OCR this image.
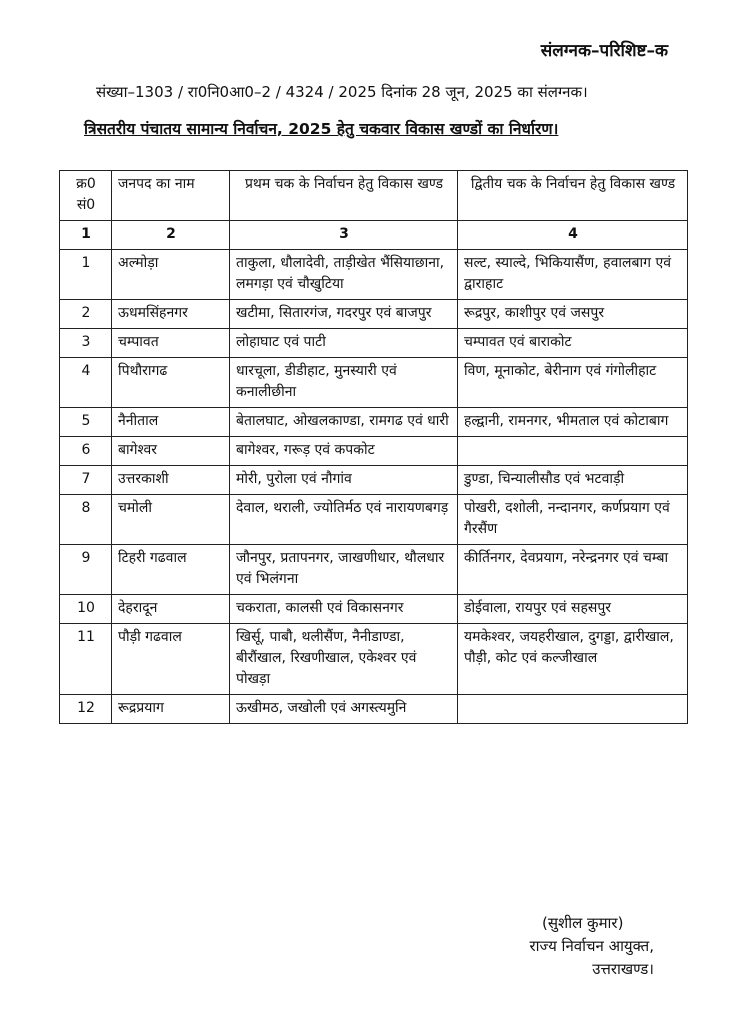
संलग्नक–परिशिष्ट–क
संख्या–1303 / रा0नि0आ0–2 / 4324 / 2025 दिनांक 28 जून, 2025 का संलग्नक।
त्रिसतरीय पंचातय सामान्य निर्वाचन, 2025 हेतु चकवार विकास खण्डों का निर्धारण।
क्र0 सं0	जनपद का नाम	प्रथम चक के निर्वाचन हेतु विकास खण्ड	द्वितीय चक के निर्वाचन हेतु विकास खण्ड
1	2	3	4
1	अल्मोड़ा	ताकुला, धौलादेवी, ताड़ीखेत भैंसियाछाना, लमगड़ा एवं चौखुटिया	सल्ट, स्याल्दे, भिकियासैंण, हवालबाग एवं द्वाराहाट
2	ऊधमसिंहनगर	खटीमा, सितारगंज, गदरपुर एवं बाजपुर	रूद्रपुर, काशीपुर एवं जसपुर
3	चम्पावत	लोहाघाट एवं पाटी	चम्पावत एवं बाराकोट
4	पिथौरागढ	धारचूला, डीडीहाट, मुनस्यारी एवं कनालीछीना	विण, मूनाकोट, बेरीनाग एवं गंगोलीहाट
5	नैनीताल	बेतालघाट, ओखलकाण्डा, रामगढ एवं धारी	हल्द्वानी, रामनगर, भीमताल एवं कोटाबाग
6	बागेश्वर	बागेश्वर, गरूड़ एवं कपकोट	
7	उत्तरकाशी	मोरी, पुरोला एवं नौगांव	डुण्डा, चिन्यालीसौड एवं भटवाड़ी
8	चमोली	देवाल, थराली, ज्योतिर्मठ एवं नारायणबगड़	पोखरी, दशोली, नन्दानगर, कर्णप्रयाग एवं गैरसैंण
9	टिहरी गढवाल	जौनपुर, प्रतापनगर, जाखणीधार, थौलधार एवं भिलंगना	कीर्तिनगर, देवप्रयाग, नरेन्द्रनगर एवं चम्बा
10	देहरादून	चकराता, कालसी एवं विकासनगर	डोईवाला, रायपुर एवं सहसपुर
11	पौड़ी गढवाल	खिर्सू, पाबौ, थलीसैंण, नैनीडाण्डा, बीरौंखाल, रिखणीखाल, एकेश्वर एवं पोखड़ा	यमकेश्वर, जयहरीखाल, दुगड्डा, द्वारीखाल, पौड़ी, कोट एवं कल्जीखाल
12	रूद्रप्रयाग	ऊखीमठ, जखोली एवं अगस्त्यमुनि	
(सुशील कुमार)
राज्य निर्वाचन आयुक्त,
उत्तराखण्ड।
